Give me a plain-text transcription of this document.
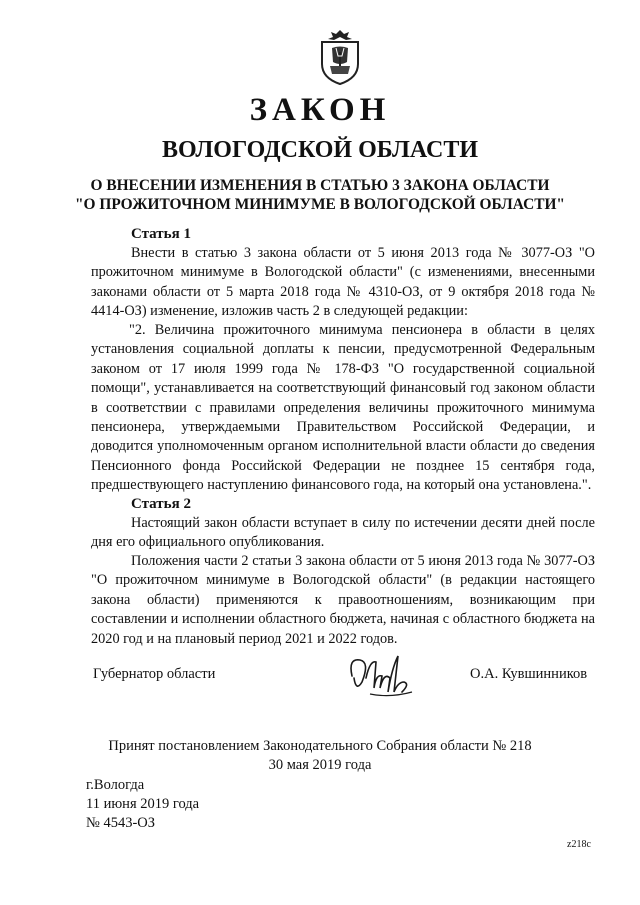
ЗАКОН
ВОЛОГОДСКОЙ ОБЛАСТИ
О ВНЕСЕНИИ ИЗМЕНЕНИЯ В СТАТЬЮ 3 ЗАКОНА ОБЛАСТИ
"О ПРОЖИТОЧНОМ МИНИМУМЕ В ВОЛОГОДСКОЙ ОБЛАСТИ"
Статья 1

Внести в статью 3 закона области от 5 июня 2013 года № 3077-ОЗ "О прожиточном минимуме в Вологодской области" (с изменениями, внесенными законами области от 5 марта 2018 года № 4310-ОЗ, от 9 октября 2018 года № 4414-ОЗ) изменение, изложив часть 2 в следующей редакции:

"2. Величина прожиточного минимума пенсионера в области в целях установления социальной доплаты к пенсии, предусмотренной Федеральным законом от 17 июля 1999 года № 178-ФЗ "О государственной социальной помощи", устанавливается на соответствующий финансовый год законом области в соответствии с правилами определения величины прожиточного минимума пенсионера, утверждаемыми Правительством Российской Федерации, и доводится уполномоченным органом исполнительной власти области до сведения Пенсионного фонда Российской Федерации не позднее 15 сентября года, предшествующего наступлению финансового года, на который она установлена.".

Статья 2

Настоящий закон области вступает в силу по истечении десяти дней после дня его официального опубликования.

Положения части 2 статьи 3 закона области от 5 июня 2013 года № 3077-ОЗ "О прожиточном минимуме в Вологодской области" (в редакции настоящего закона области) применяются к правоотношениям, возникающим при составлении и исполнении областного бюджета, начиная с областного бюджета на 2020 год и на плановый период 2021 и 2022 годов.

Губернатор области	О.А. Кувшинников
Принят постановлением Законодательного Собрания области № 218
30 мая 2019 года
г.Вологда
11 июня 2019 года
№ 4543-ОЗ
z218c
